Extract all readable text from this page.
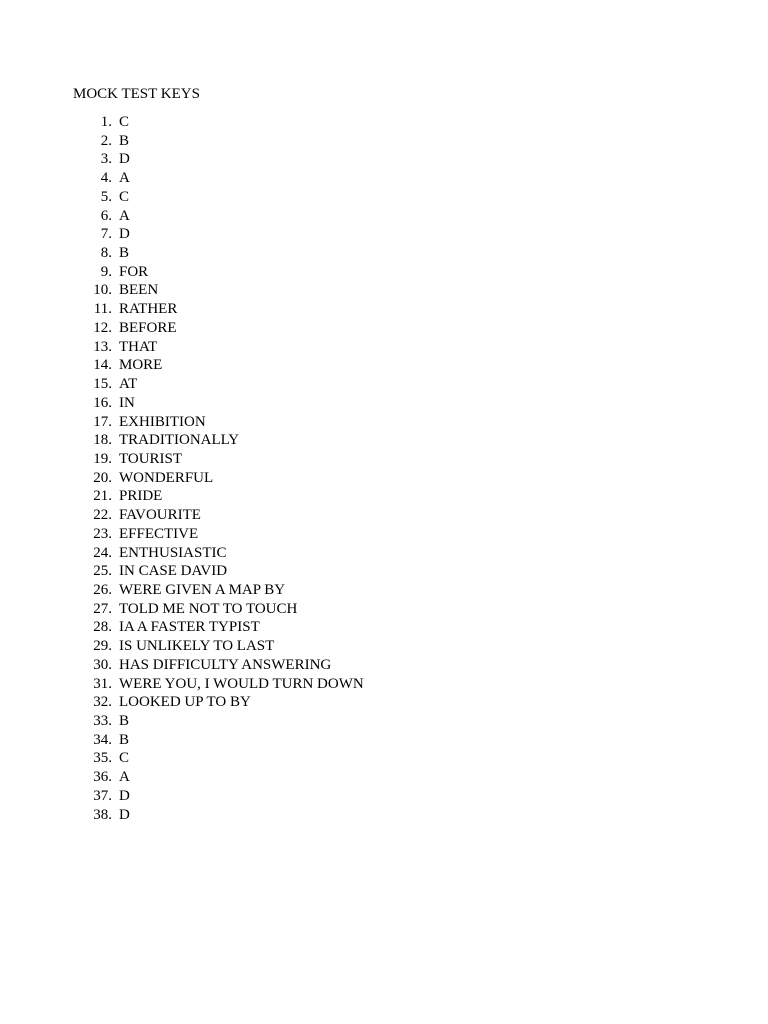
MOCK TEST KEYS
1. C
2. B
3. D
4. A
5. C
6. A
7. D
8. B
9. FOR
10. BEEN
11. RATHER
12. BEFORE
13. THAT
14. MORE
15. AT
16. IN
17. EXHIBITION
18. TRADITIONALLY
19. TOURIST
20. WONDERFUL
21. PRIDE
22. FAVOURITE
23. EFFECTIVE
24. ENTHUSIASTIC
25. IN CASE DAVID
26. WERE GIVEN A MAP BY
27. TOLD ME NOT TO TOUCH
28. IA A FASTER TYPIST
29. IS UNLIKELY TO LAST
30. HAS DIFFICULTY ANSWERING
31. WERE YOU, I WOULD TURN DOWN
32. LOOKED UP TO BY
33. B
34. B
35. C
36. A
37. D
38. D
